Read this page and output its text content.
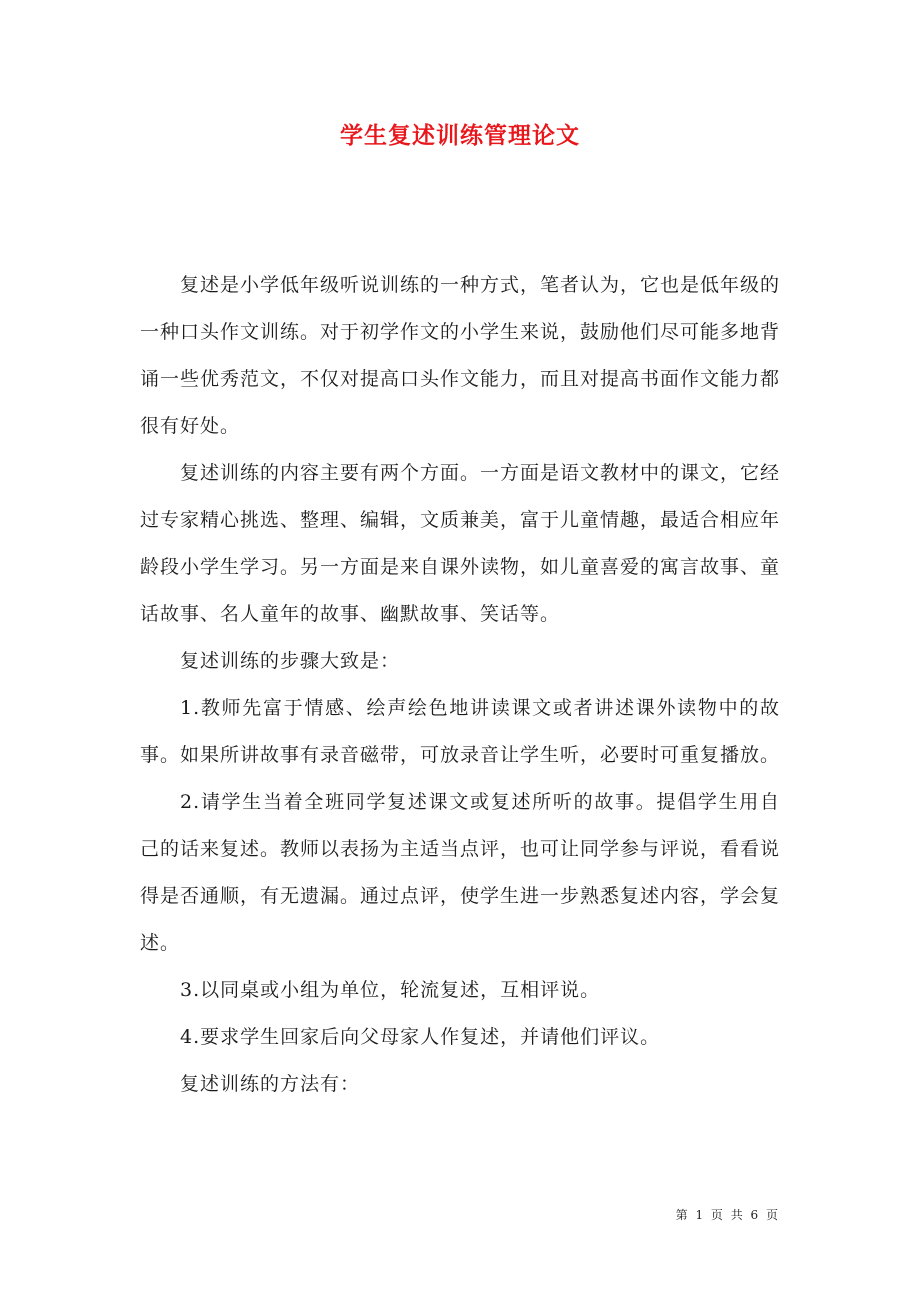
学生复述训练管理论文

复述是小学低年级听说训练的一种方式，笔者认为，它也是低年级的一种口头作文训练。对于初学作文的小学生来说，鼓励他们尽可能多地背诵一些优秀范文，不仅对提高口头作文能力，而且对提高书面作文能力都很有好处。

复述训练的内容主要有两个方面。一方面是语文教材中的课文，它经过专家精心挑选、整理、编辑，文质兼美，富于儿童情趣，最适合相应年龄段小学生学习。另一方面是来自课外读物，如儿童喜爱的寓言故事、童话故事、名人童年的故事、幽默故事、笑话等。

复述训练的步骤大致是：

1.教师先富于情感、绘声绘色地讲读课文或者讲述课外读物中的故事。如果所讲故事有录音磁带，可放录音让学生听，必要时可重复播放。

2.请学生当着全班同学复述课文或复述所听的故事。提倡学生用自己的话来复述。教师以表扬为主适当点评，也可让同学参与评说，看看说得是否通顺，有无遗漏。通过点评，使学生进一步熟悉复述内容，学会复述。

3.以同桌或小组为单位，轮流复述，互相评说。

4.要求学生回家后向父母家人作复述，并请他们评议。

复述训练的方法有：

第 1 页 共 6 页
